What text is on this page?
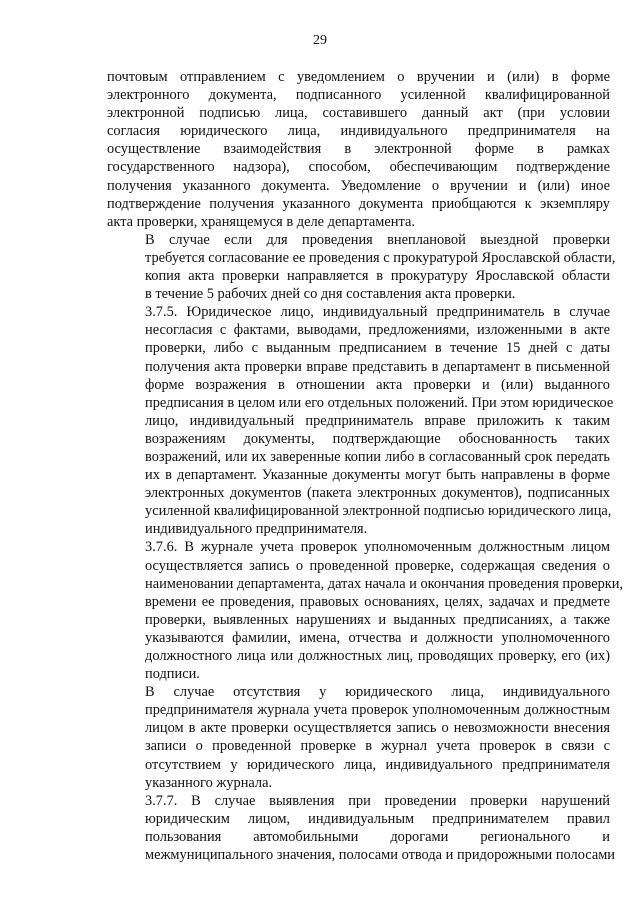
29

почтовым отправлением с уведомлением о вручении и (или) в форме
электронного документа, подписанного усиленной квалифицированной
электронной подписью лица, составившего данный акт (при условии
согласия юридического лица, индивидуального предпринимателя на
осуществление взаимодействия в электронной форме в рамках
государственного надзора), способом, обеспечивающим подтверждение
получения указанного документа. Уведомление о вручении и (или) иное
подтверждение получения указанного документа приобщаются к экземпляру
акта проверки, хранящемуся в деле департамента.

В случае если для проведения внеплановой выездной проверки
требуется согласование ее проведения с прокуратурой Ярославской области,
копия акта проверки направляется в прокуратуру Ярославской области
в течение 5 рабочих дней со дня составления акта проверки.

3.7.5. Юридическое лицо, индивидуальный предприниматель в случае
несогласия с фактами, выводами, предложениями, изложенными в акте
проверки, либо с выданным предписанием в течение 15 дней с даты
получения акта проверки вправе представить в департамент в письменной
форме возражения в отношении акта проверки и (или) выданного
предписания в целом или его отдельных положений. При этом юридическое
лицо, индивидуальный предприниматель вправе приложить к таким
возражениям документы, подтверждающие обоснованность таких
возражений, или их заверенные копии либо в согласованный срок передать
их в департамент. Указанные документы могут быть направлены в форме
электронных документов (пакета электронных документов), подписанных
усиленной квалифицированной электронной подписью юридического лица,
индивидуального предпринимателя.

3.7.6. В журнале учета проверок уполномоченным должностным лицом
осуществляется запись о проведенной проверке, содержащая сведения о
наименовании департамента, датах начала и окончания проведения проверки,
времени ее проведения, правовых основаниях, целях, задачах и предмете
проверки, выявленных нарушениях и выданных предписаниях, а также
указываются фамилии, имена, отчества и должности уполномоченного
должностного лица или должностных лиц, проводящих проверку, его (их)
подписи.

В случае отсутствия у юридического лица, индивидуального
предпринимателя журнала учета проверок уполномоченным должностным
лицом в акте проверки осуществляется запись о невозможности внесения
записи о проведенной проверке в журнал учета проверок в связи с
отсутствием у юридического лица, индивидуального предпринимателя
указанного журнала.

3.7.7. В случае выявления при проведении проверки нарушений
юридическим лицом, индивидуальным предпринимателем правил
пользования автомобильными дорогами регионального и
межмуниципального значения, полосами отвода и придорожными полосами
